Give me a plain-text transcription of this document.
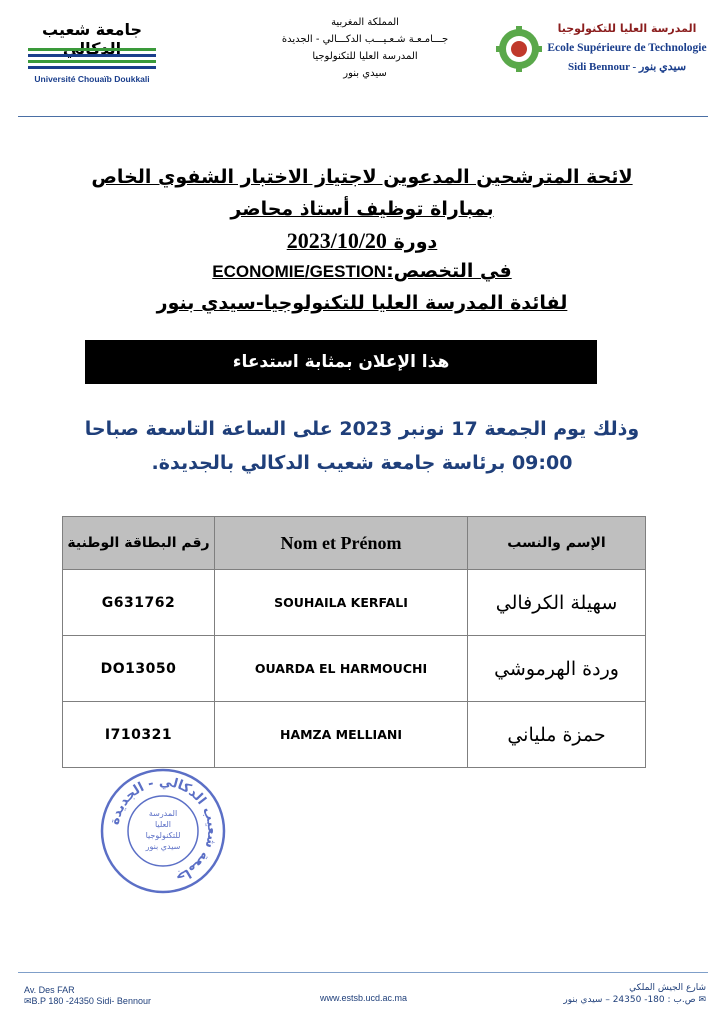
جامعة شعيب
Université Chouaïb Doukkali
المملكة المغربية
جـــامـعـة شـعـيـــب الدكـــالي - الجديدة
المدرسة العليا للتكنولوجيا
سيدي بنور
المدرسة العليا للتكنولوجيا
Ecole Supérieure de Technologie
Sidi Bennour - سيدي بنور
لائحة المترشحين المدعوين لاجتياز الاختبار الشفوي الخاص
بمباراة توظيف أستاذ محاضر
دورة 2023/10/20
في التخصص:ECONOMIE/GESTION
لفائدة المدرسة العليا للتكنولوجيا-سيدي بنور
هذا الإعلان بمثابة استدعاء
وذلك يوم الجمعة 17 نونبر 2023 على الساعة التاسعة صباحا
09:00 برئاسة جامعة شعيب الدكالي بالجديدة.
رقم البطاقة الوطنية	Nom et Prénom	الإسم والنسب
G631762	SOUHAILA KERFALI	سهيلة الكرفالي
DO13050	OUARDA EL HARMOUCHI	وردة الهرموشي
I710321	HAMZA MELLIANI	حمزة ملياني
جامعة شعيب الدكالي - الجديدة
المدرسة
العليا
للتكنولوجيا
سيدي بنور
Av. Des FAR
✉B.P 180 -24350 Sidi- Bennour	www.estsb.ucd.ac.ma
شارع الجيش الملكي
✉ ص.ب : 180- 24350 – سيدي بنور
